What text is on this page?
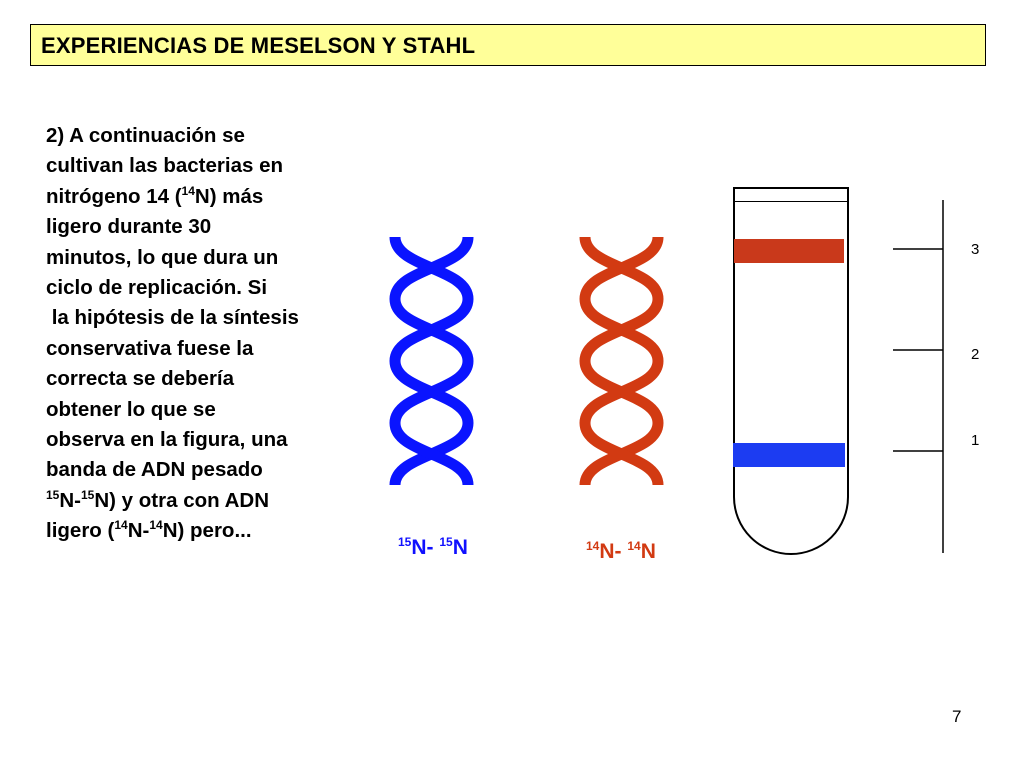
EXPERIENCIAS DE MESELSON Y STAHL
2) A continuación se
cultivan las bacterias en
nitrógeno 14 ($^{14}$N) más
ligero durante 30
minutos, lo que dura un
ciclo de replicación. Si
la hipótesis de la síntesis
conservativa fuese la
correcta se debería
obtener lo que se
observa en la figura, una
banda de ADN pesado
$^{15}$N-$^{15}$N) y otra con ADN
ligero ($^{14}$N-$^{14}$N) pero...	$^{15}$N- $^{15}$N	$^{14}$N- $^{14}$N
3
2
1
7
